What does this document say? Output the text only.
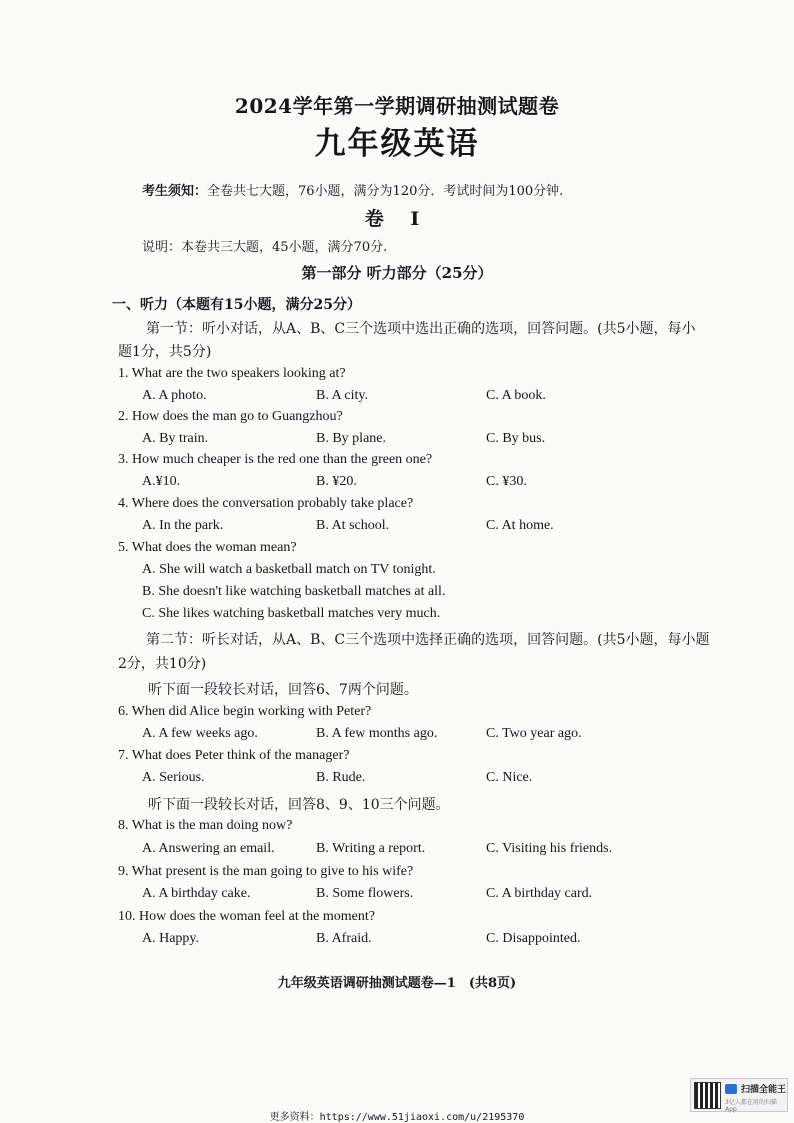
2024学年第一学期调研抽测试题卷
九年级英语
考生须知：全卷共七大题，76小题，满分为120分．考试时间为100分钟.
卷 I
说明：本卷共三大题，45小题，满分70分.
第一部分 听力部分（25分）
一、听力（本题有15小题，满分25分）
第一节：听小对话，从A、B、C三个选项中选出正确的选项，回答问题。(共5小题，每小
题1分，共5分)
1. What are the two speakers looking at?
A. A photo.	B. A city.	C. A book.
2. How does the man go to Guangzhou?
A. By train.	B. By plane.	C. By bus.
3. How much cheaper is the red one than the green one?
A.¥10.	B. ¥20.	C. ¥30.
4. Where does the conversation probably take place?
A. In the park.	B. At school.	C. At home.
5. What does the woman mean?
A. She will watch a basketball match on TV tonight.
B. She doesn't like watching basketball matches at all.
C. She likes watching basketball matches very much.
第二节：听长对话，从A、B、C三个选项中选择正确的选项，回答问题。(共5小题，每小题
2分，共10分)
听下面一段较长对话，回答6、7两个问题。
6. When did Alice begin working with Peter?
A. A few weeks ago.	B. A few months ago.	C. Two year ago.
7. What does Peter think of the manager?
A. Serious.	B. Rude.	C. Nice.
听下面一段较长对话，回答8、9、10三个问题。
8. What is the man doing now?
A. Answering an email.	B. Writing a report.	C. Visiting his friends.
9. What present is the man going to give to his wife?
A. A birthday cake.	B. Some flowers.	C. A birthday card.
10. How does the woman feel at the moment?
A. Happy.	B. Afraid.	C. Disappointed.
九年级英语调研抽测试题卷—1　(共8页)
扫描全能王
3亿人都在用的扫描App
更多资料：https://www.51jiaoxi.com/u/2195370
